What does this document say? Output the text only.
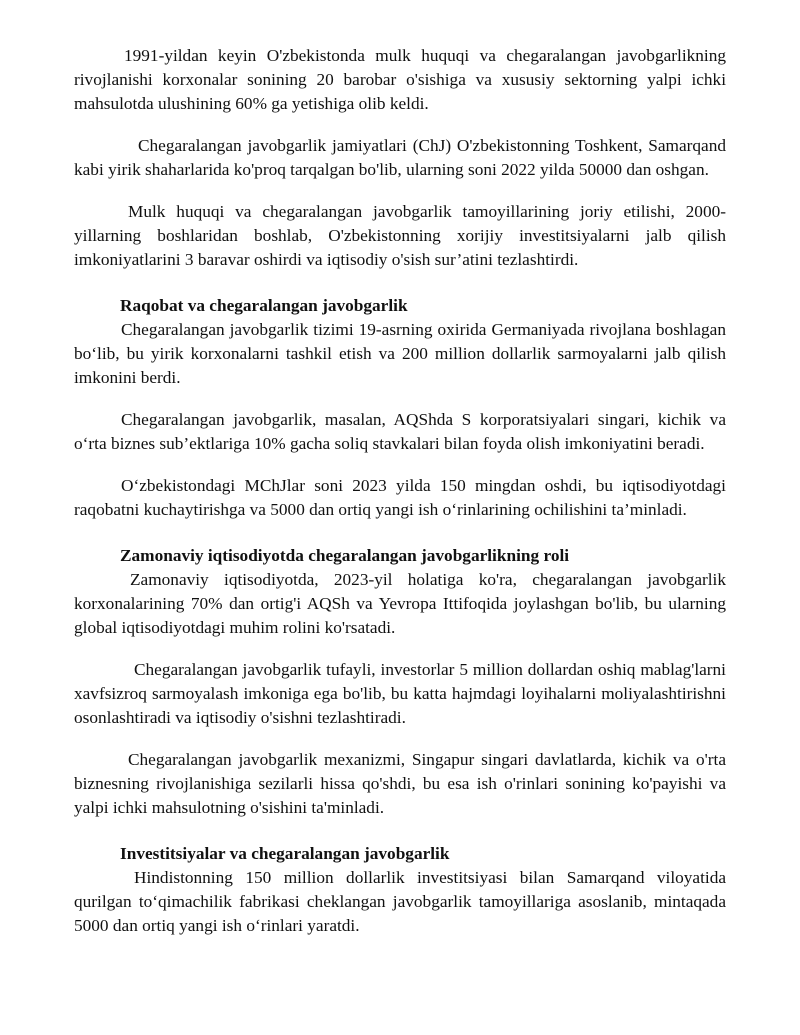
1991-yildan keyin O'zbekistonda mulk huquqi va chegaralangan javobgarlikning rivojlanishi korxonalar sonining 20 barobar o'sishiga va xususiy sektorning yalpi ichki mahsulotda ulushining 60% ga yetishiga olib keldi.

Chegaralangan javobgarlik jamiyatlari (ChJ) O'zbekistonning Toshkent, Samarqand kabi yirik shaharlarida ko'proq tarqalgan bo'lib, ularning soni 2022 yilda 50000 dan oshgan.

Mulk huquqi va chegaralangan javobgarlik tamoyillarining joriy etilishi, 2000-yillarning boshlaridan boshlab, O'zbekistonning xorijiy investitsiyalarni jalb qilish imkoniyatlarini 3 baravar oshirdi va iqtisodiy o'sish sur’atini tezlashtirdi.

Raqobat va chegaralangan javobgarlik

Chegaralangan javobgarlik tizimi 19-asrning oxirida Germaniyada rivojlana boshlagan bo‘lib, bu yirik korxonalarni tashkil etish va 200 million dollarlik sarmoyalarni jalb qilish imkonini berdi.

Chegaralangan javobgarlik, masalan, AQShda S korporatsiyalari singari, kichik va o‘rta biznes sub’ektlariga 10% gacha soliq stavkalari bilan foyda olish imkoniyatini beradi.

O‘zbekistondagi MChJlar soni 2023 yilda 150 mingdan oshdi, bu iqtisodiyotdagi raqobatni kuchaytirishga va 5000 dan ortiq yangi ish o‘rinlarining ochilishini ta’minladi.

Zamonaviy iqtisodiyotda chegaralangan javobgarlikning roli

Zamonaviy iqtisodiyotda, 2023-yil holatiga ko'ra, chegaralangan javobgarlik korxonalarining 70% dan ortig'i AQSh va Yevropa Ittifoqida joylashgan bo'lib, bu ularning global iqtisodiyotdagi muhim rolini ko'rsatadi.

Chegaralangan javobgarlik tufayli, investorlar 5 million dollardan oshiq mablag'larni xavfsizroq sarmoyalash imkoniga ega bo'lib, bu katta hajmdagi loyihalarni moliyalashtirishni osonlashtiradi va iqtisodiy o'sishni tezlashtiradi.

Chegaralangan javobgarlik mexanizmi, Singapur singari davlatlarda, kichik va o'rta biznesning rivojlanishiga sezilarli hissa qo'shdi, bu esa ish o'rinlari sonining ko'payishi va yalpi ichki mahsulotning o'sishini ta'minladi.

Investitsiyalar va chegaralangan javobgarlik

Hindistonning 150 million dollarlik investitsiyasi bilan Samarqand viloyatida qurilgan to‘qimachilik fabrikasi cheklangan javobgarlik tamoyillariga asoslanib, mintaqada 5000 dan ortiq yangi ish o‘rinlari yaratdi.
